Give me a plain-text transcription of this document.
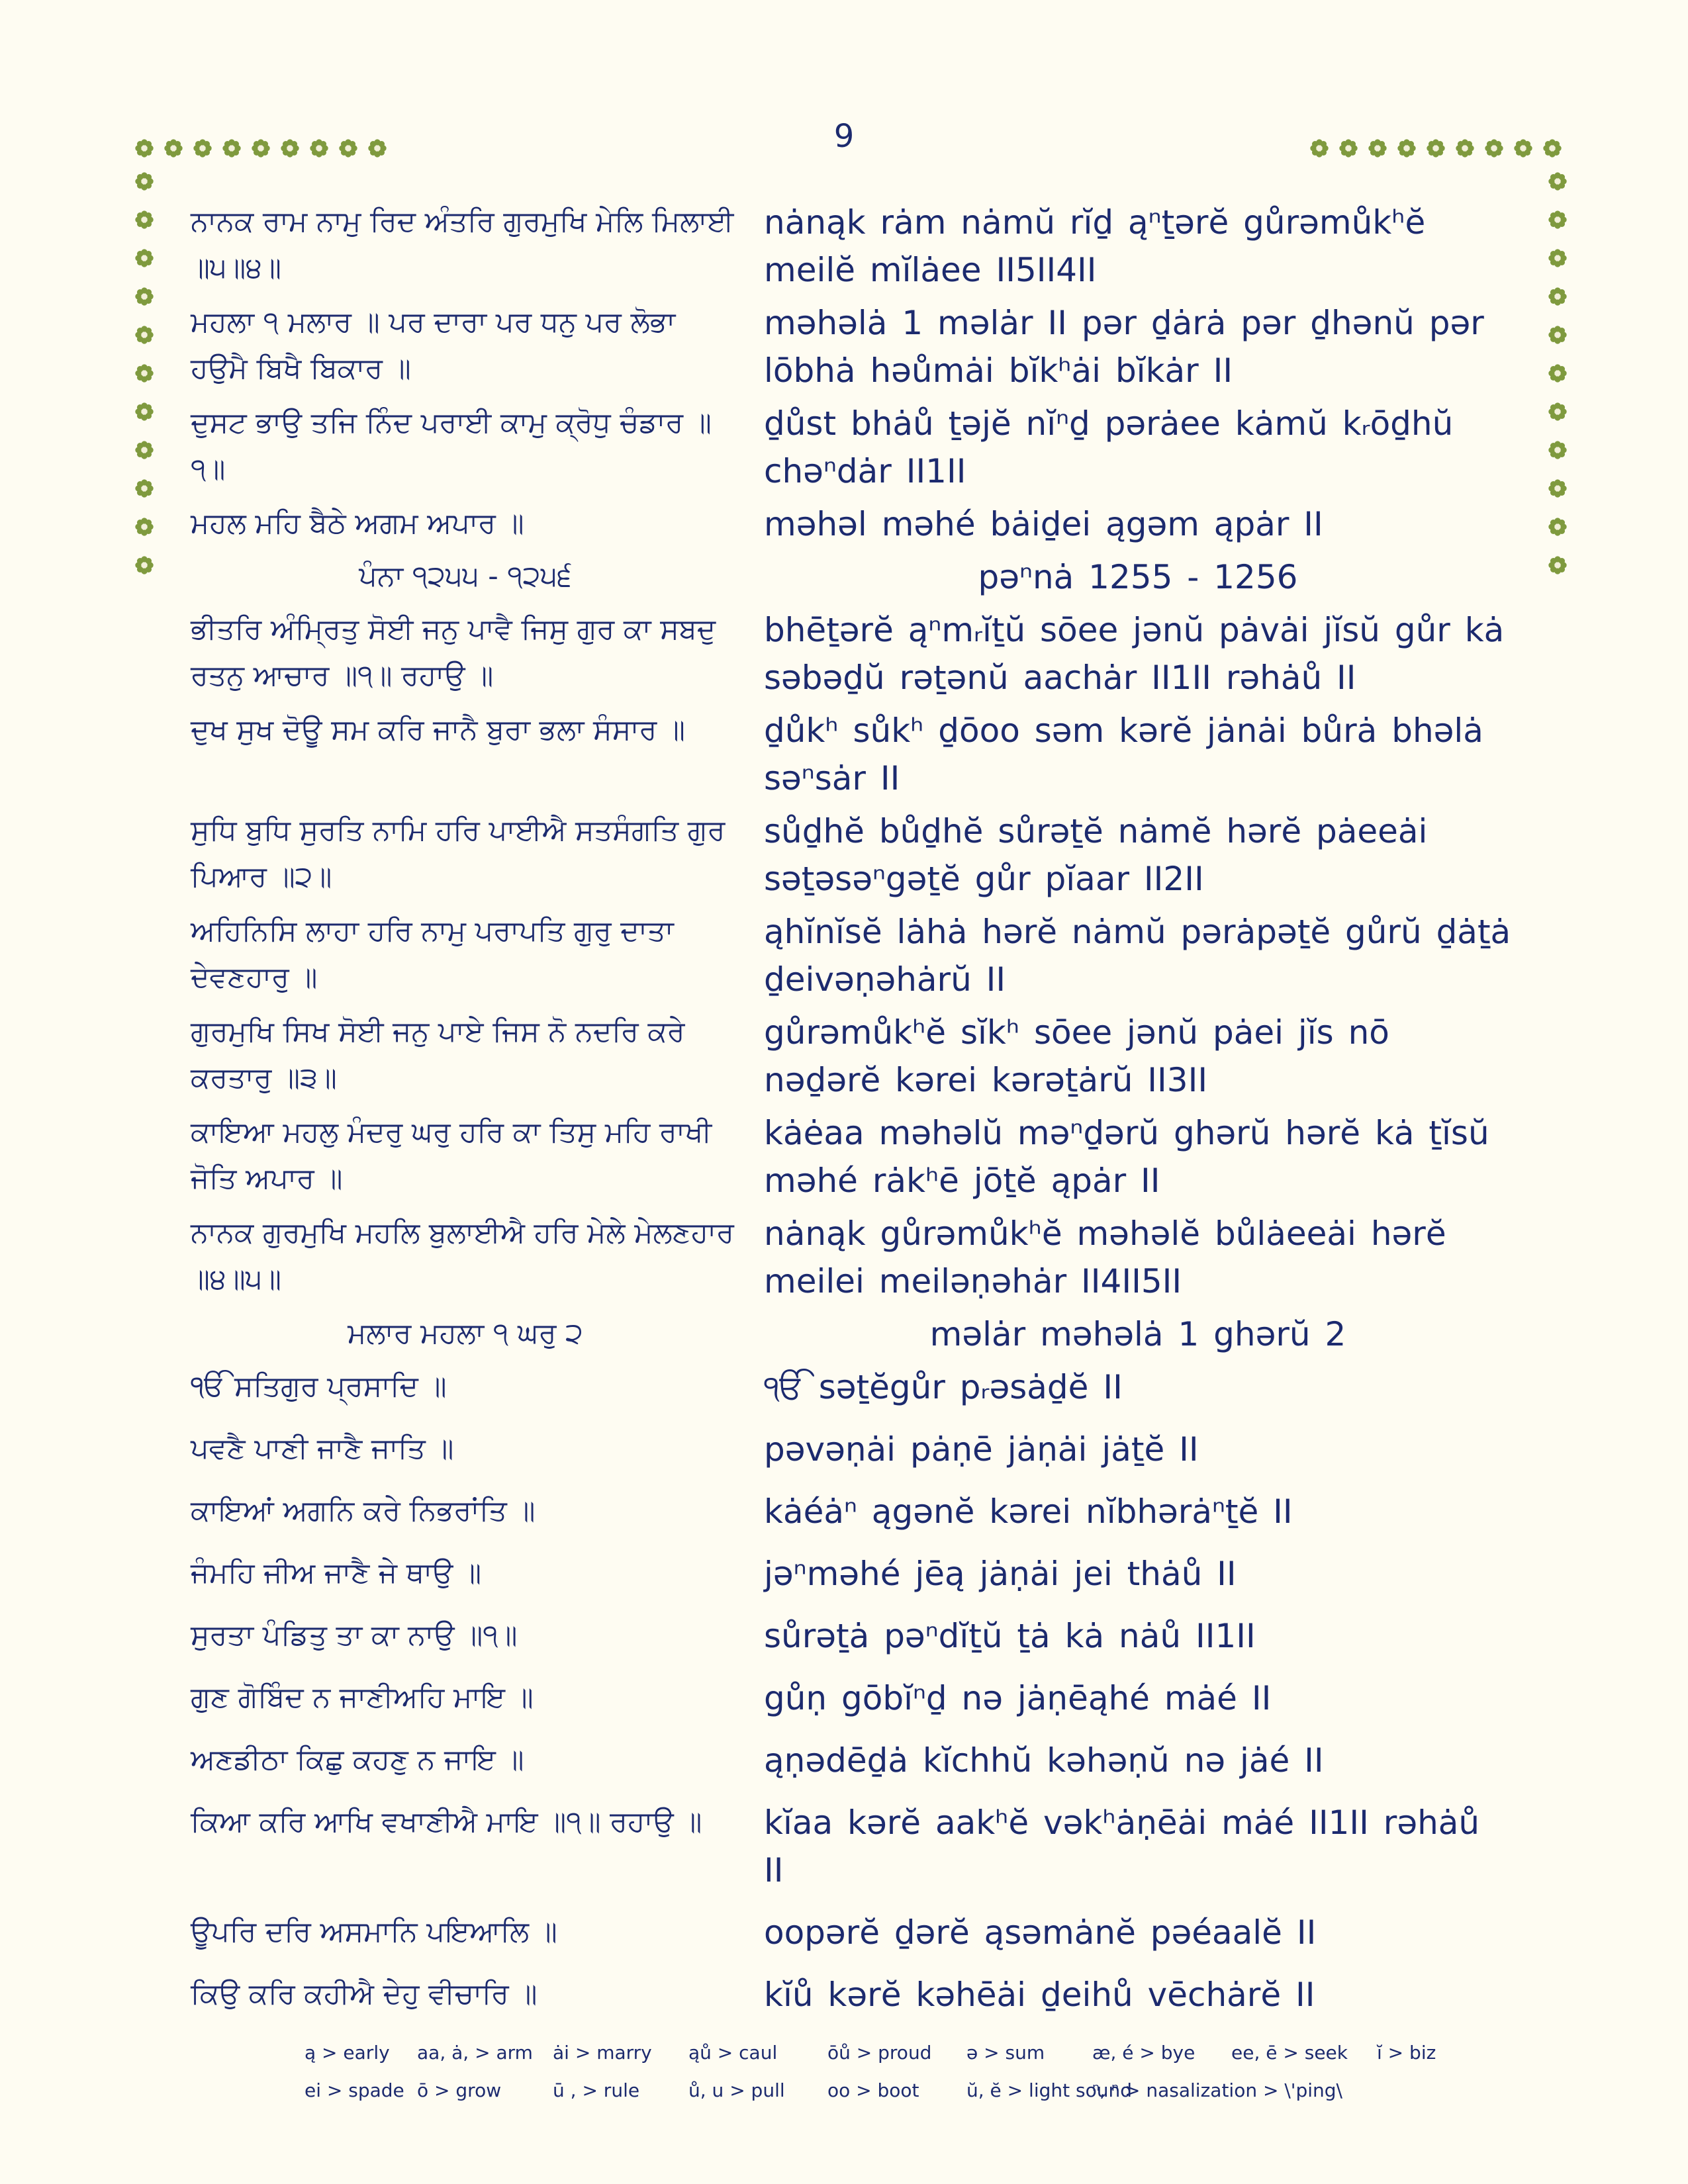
9
ਨਾਨਕ ਰਾਮ ਨਾਮੁ ਰਿਦ ਅੰਤਰਿ ਗੁਰਮੁਖਿ ਮੇਲਿ ਮਿਲਾਈ ॥੫॥੪॥
nȧnąk rȧm nȧmŭ rĭḏ ąⁿṯərĕ gůrəmůkʰĕ meilĕ mĭlȧee II5II4II
ਮਹਲਾ ੧ ਮਲਾਰ ॥ ਪਰ ਦਾਰਾ ਪਰ ਧਨੁ ਪਰ ਲੋਭਾ ਹਉਮੈ ਬਿਖੈ ਬਿਕਾਰ ॥
məhəlȧ 1 məlȧr II pər ḏȧrȧ pər ḏhənŭ pər lōbhȧ həůmȧi bĭkʰȧi bĭkȧr II
ਦੁਸਟ ਭਾਉ ਤਜਿ ਨਿੰਦ ਪਰਾਈ ਕਾਮੁ ਕ੍ਰੋਧੁ ਚੰਡਾਰ ॥੧॥
ḏůst bhȧů ṯəjĕ nĭⁿḏ pərȧee kȧmŭ kᵣōḏhŭ chəⁿdȧr II1II
ਮਹਲ ਮਹਿ ਬੈਠੇ ਅਗਮ ਅਪਾਰ ॥	məhəl məhé bȧiḏei ągəm ąpȧr II
ਪੰਨਾ ੧੨੫੫ - ੧੨੫੬	pəⁿnȧ 1255 - 1256
ਭੀਤਰਿ ਅੰਮ੍ਰਿਤੁ ਸੋਈ ਜਨੁ ਪਾਵੈ ਜਿਸੁ ਗੁਰ ਕਾ ਸਬਦੁ ਰਤਨੁ ਆਚਾਰ ॥੧॥ ਰਹਾਉ ॥
bhēṯərĕ ąⁿmᵣĭṯŭ sōee jənŭ pȧvȧi jĭsŭ gůr kȧ səbəḏŭ rəṯənŭ aachȧr II1II rəhȧů II
ਦੁਖ ਸੁਖ ਦੋਊ ਸਮ ਕਰਿ ਜਾਨੈ ਬੁਰਾ ਭਲਾ ਸੰਸਾਰ ॥	ḏůkʰ sůkʰ ḏōoo səm kərĕ jȧnȧi bůrȧ bhəlȧ səⁿsȧr II
ਸੁਧਿ ਬੁਧਿ ਸੁਰਤਿ ਨਾਮਿ ਹਰਿ ਪਾਈਐ ਸਤਸੰਗਤਿ ਗੁਰ ਪਿਆਰ ॥੨॥
sůḏhĕ bůḏhĕ sůrəṯĕ nȧmĕ hərĕ pȧeeȧi səṯəsəⁿgəṯĕ gůr pĭaar II2II
ਅਹਿਨਿਸਿ ਲਾਹਾ ਹਰਿ ਨਾਮੁ ਪਰਾਪਤਿ ਗੁਰੁ ਦਾਤਾ ਦੇਵਣਹਾਰੁ ॥
ąhĭnĭsĕ lȧhȧ hərĕ nȧmŭ pərȧpəṯĕ gůrŭ ḏȧṯȧ ḏeivəṇəhȧrŭ II
ਗੁਰਮੁਖਿ ਸਿਖ ਸੋਈ ਜਨੁ ਪਾਏ ਜਿਸ ਨੋ ਨਦਰਿ ਕਰੇ ਕਰਤਾਰੁ ॥੩॥
gůrəmůkʰĕ sĭkʰ sōee jənŭ pȧei jĭs nō nəḏərĕ kərei kərəṯȧrŭ II3II
ਕਾਇਆ ਮਹਲੁ ਮੰਦਰੁ ਘਰੁ ਹਰਿ ਕਾ ਤਿਸੁ ਮਹਿ ਰਾਖੀ ਜੋਤਿ ਅਪਾਰ ॥
kȧėaa məhəlŭ məⁿḏərŭ ghərŭ hərĕ kȧ ṯĭsŭ məhé rȧkʰē jōṯĕ ąpȧr II
ਨਾਨਕ ਗੁਰਮੁਖਿ ਮਹਲਿ ਬੁਲਾਈਐ ਹਰਿ ਮੇਲੇ ਮੇਲਣਹਾਰ ॥੪॥੫॥
nȧnąk gůrəmůkʰĕ məhəlĕ bůlȧeeȧi hərĕ meilei meiləṇəhȧr II4II5II
ਮਲਾਰ ਮਹਲਾ ੧ ਘਰੁ ੨	məlȧr məhəlȧ 1 ghərŭ 2
ੴ ਸਤਿਗੁਰ ਪ੍ਰਸਾਦਿ ॥	ੴ səṯĕgůr pᵣəsȧḏĕ II
ਪਵਣੈ ਪਾਣੀ ਜਾਣੈ ਜਾਤਿ ॥	pəvəṇȧi pȧṇē jȧṇȧi jȧṯĕ II
ਕਾਇਆਂ ਅਗਨਿ ਕਰੇ ਨਿਭਰਾਂਤਿ ॥	kȧéȧⁿ ągənĕ kərei nĭbhərȧⁿṯĕ II
ਜੰਮਹਿ ਜੀਅ ਜਾਣੈ ਜੇ ਥਾਉ ॥	jəⁿməhé jēą jȧṇȧi jei thȧů II
ਸੁਰਤਾ ਪੰਡਿਤੁ ਤਾ ਕਾ ਨਾਉ ॥੧॥	sůrəṯȧ pəⁿdĭṯŭ ṯȧ kȧ nȧů II1II
ਗੁਣ ਗੋਬਿੰਦ ਨ ਜਾਣੀਅਹਿ ਮਾਇ ॥	gůṇ gōbĭⁿḏ nə jȧṇēąhé mȧé II
ਅਣਡੀਠਾ ਕਿਛੁ ਕਹਣੁ ਨ ਜਾਇ ॥	ąṇədēḏȧ kĭchhŭ kəhəṇŭ nə jȧé II
ਕਿਆ ਕਰਿ ਆਖਿ ਵਖਾਣੀਐ ਮਾਇ ॥੧॥ ਰਹਾਉ ॥	kĭaa kərĕ aakʰĕ vəkʰȧṇēȧi mȧé II1II rəhȧů II
ਊਪਰਿ ਦਰਿ ਅਸਮਾਨਿ ਪਇਆਲਿ ॥	oopərĕ ḏərĕ ąsəmȧnĕ pəéaalĕ II
ਕਿਉ ਕਰਿ ਕਹੀਐ ਦੇਹੁ ਵੀਚਾਰਿ ॥	kĭů kərĕ kəhēȧi ḏeihů vēchȧrĕ II
ą > early	aa, ȧ, > arm	ȧi > marry	ąů > caul	ōů > proud	ə > sum	æ, é > bye	ee, ē > seek	ĭ > biz
ei > spade ō > grow	ū , > rule	ů, u > pull	oo > boot	ŭ, ĕ > light sound
ⁿ, ⁿ > nasalization > \'ping\
